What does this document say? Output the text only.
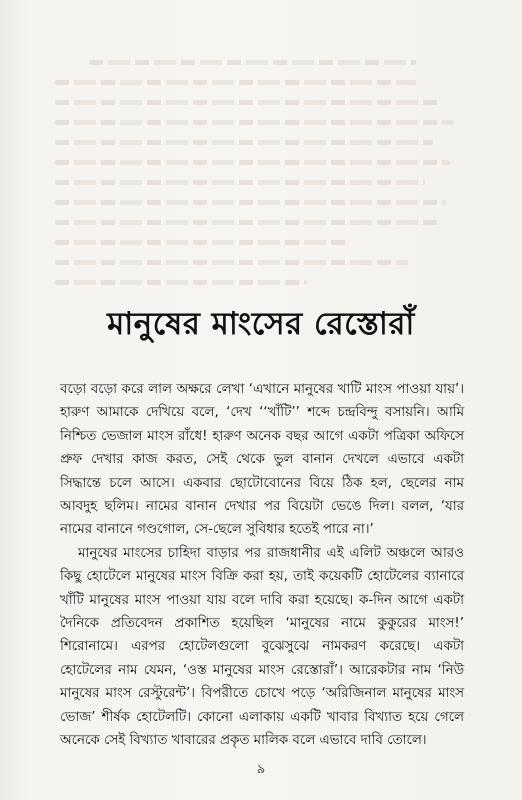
মানুষের মাংসের রেস্তোরাঁ

বড়ো বড়ো করে লাল অক্ষরে লেখা ‘এখানে মানুষের খাটি মাংস পাওয়া যায়’। হারুণ আমাকে দেখিয়ে বলে, ‘দেখ ‘‘খাঁটি’’ শব্দে চন্দ্রবিন্দু বসায়নি। আমি নিশ্চিত ভেজাল মাংস রাঁধে! হারুণ অনেক বছর আগে একটা পত্রিকা অফিসে প্রুফ দেখার কাজ করত, সেই থেকে ভুল বানান দেখলে এভাবে একটা সিদ্ধান্তে চলে আসে। একবার ছোটোবোনের বিয়ে ঠিক হল, ছেলের নাম আবদুহ ছলিম। নামের বানান দেখার পর বিয়েটা ভেঙে দিল। বলল, ‘যার নামের বানানে গণ্ডগোল, সে-ছেলে সুবিধার হতেই পারে না।’

মানুষের মাংসের চাহিদা বাড়ার পর রাজধানীর এই এলিট অঞ্চলে আরও কিছু হোটেলে মানুষের মাংস বিক্রি করা হয়, তাই কয়েকটি হোটেলের ব্যানারে খাঁটি মানুষের মাংস পাওয়া যায় বলে দাবি করা হয়েছে। ক-দিন আগে একটা দৈনিকে প্রতিবেদন প্রকাশিত হয়েছিল ‘মানুষের নামে কুকুরের মাংস!’ শিরোনামে। এরপর হোটেলগুলো বুঝেসুঝে নামকরণ করেছে। একটা হোটেলের নাম যেমন, ‘ওস্ত মানুষের মাংস রেস্তোরাঁ’। আরেকটার নাম ‘নিউ মানুষের মাংস রেস্টুরেন্ট’। বিপরীতে চোখে পড়ে ‘অরিজিনাল মানুষের মাংস ভোজ’ শীর্ষক হোটেলটি। কোনো এলাকায় একটি খাবার বিখ্যাত হয়ে গেলে অনেকে সেই বিখ্যাত খাবারের প্রকৃত মালিক বলে এভাবে দাবি তোলে।

৯
